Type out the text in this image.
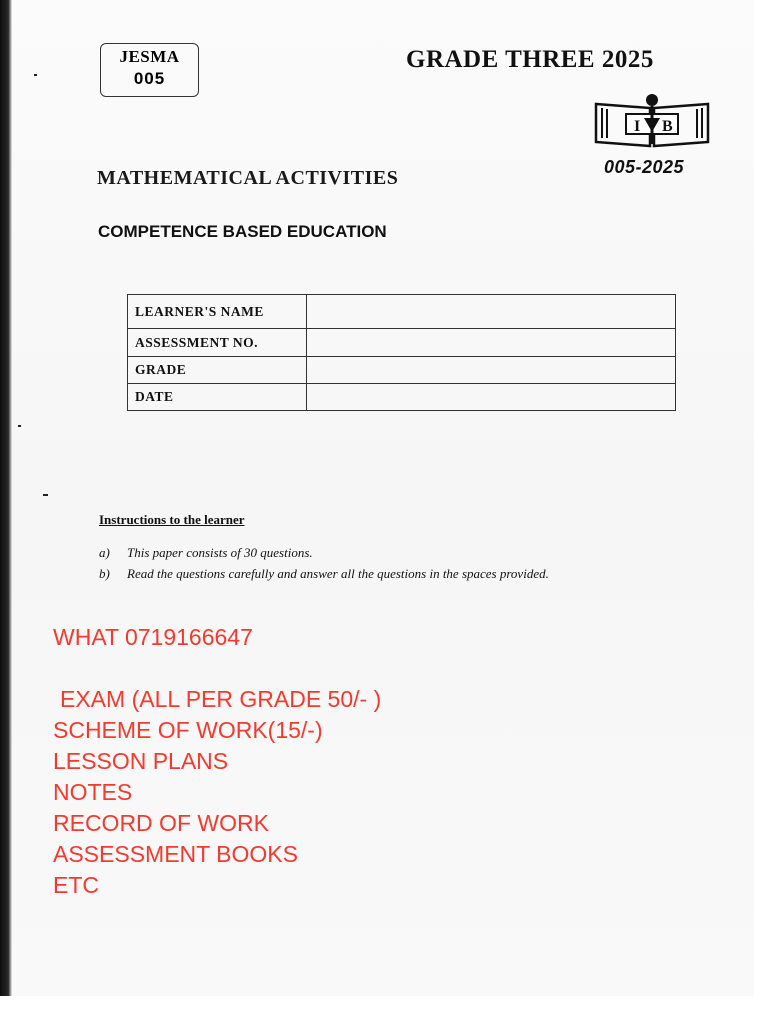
JESMA
005
GRADE THREE 2025
I B
005-2025
MATHEMATICAL ACTIVITIES
COMPETENCE BASED EDUCATION
LEARNER'S NAME	
ASSESSMENT NO.	
GRADE	
DATE	
Instructions to the learner
a) This paper consists of 30 questions.
b) Read the questions carefully and answer all the questions in the spaces provided.
WHAT 0719166647
EXAM (ALL PER GRADE 50/- )
SCHEME OF WORK(15/-)
LESSON PLANS
NOTES
RECORD OF WORK
ASSESSMENT BOOKS
ETC
